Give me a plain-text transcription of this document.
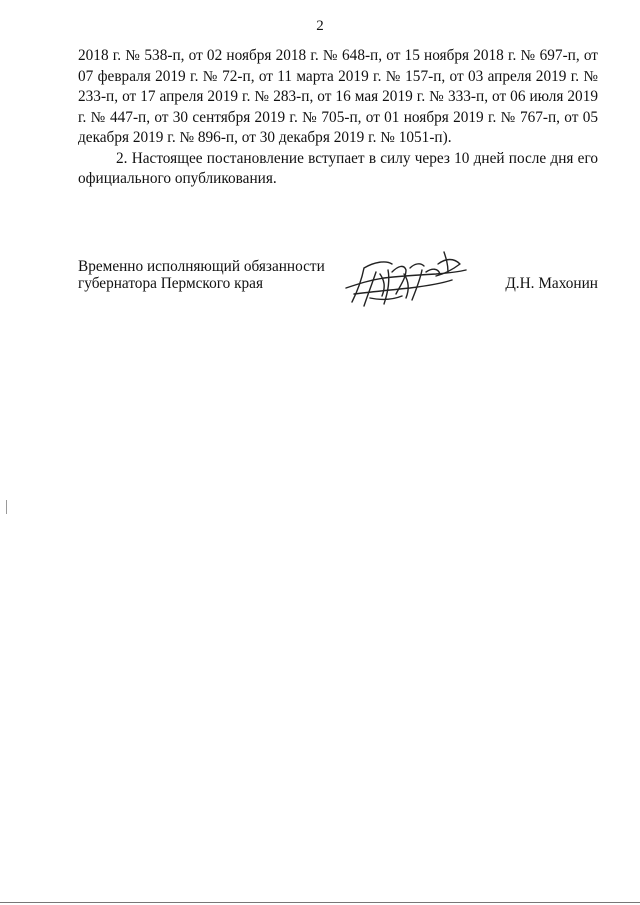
2

2018 г. № 538-п, от 02 ноября 2018 г. № 648-п, от 15 ноября 2018 г. № 697-п, от 07 февраля 2019 г. № 72-п, от 11 марта 2019 г. № 157-п, от 03 апреля 2019 г. № 233-п, от 17 апреля 2019 г. № 283-п, от 16 мая 2019 г. № 333-п, от 06 июля 2019 г. № 447-п, от 30 сентября 2019 г. № 705-п, от 01 ноября 2019 г. № 767-п, от 05 декабря 2019 г. № 896-п, от 30 декабря 2019 г. № 1051-п).

2. Настоящее постановление вступает в силу через 10 дней после дня его официального опубликования.

Временно исполняющий обязанности
губернатора Пермского края	Д.Н. Махонин
